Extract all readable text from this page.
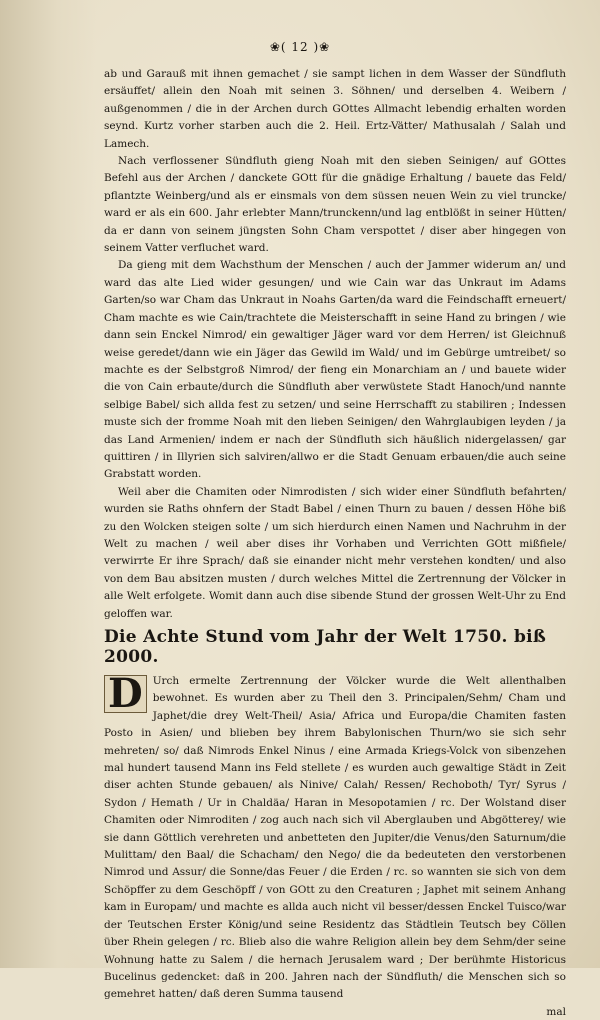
❀( 12 )❀

ab und Garauß mit ihnen gemachet / sie sampt lichen in dem Wasser der Sündfluth ersäuffet/ allein den Noah mit seinen 3. Söhnen/ und derselben 4. Weibern / außgenommen / die in der Archen durch GOttes Allmacht lebendig erhalten worden seynd. Kurtz vorher starben auch die 2. Heil. Ertz-Vätter/ Mathusalah / Salah und Lamech.

Nach verflossener Sündfluth gieng Noah mit den sieben Seinigen/ auf GOttes Befehl aus der Archen / danckete GOtt für die gnädige Erhaltung / bauete das Feld/ pflantzte Weinberg/und als er einsmals von dem süssen neuen Wein zu viel truncke/ ward er als ein 600. Jahr erlebter Mann/trunckenn/und lag entblößt in seiner Hütten/ da er dann von seinem jüngsten Sohn Cham verspottet / diser aber hingegen von seinem Vatter verfluchet ward.

Da gieng mit dem Wachsthum der Menschen / auch der Jammer widerum an/ und ward das alte Lied wider gesungen/ und wie Cain war das Unkraut im Adams Garten/so war Cham das Unkraut in Noahs Garten/da ward die Feindschafft erneuert/ Cham machte es wie Cain/trachtete die Meisterschafft in seine Hand zu bringen / wie dann sein Enckel Nimrod/ ein gewaltiger Jäger ward vor dem Herren/ ist Gleichnuß weise geredet/dann wie ein Jäger das Gewild im Wald/ und im Gebürge umtreibet/ so machte es der Selbstgroß Nimrod/ der fieng ein Monarchiam an / und bauete wider die von Cain erbaute/durch die Sündfluth aber verwüstete Stadt Hanoch/und nannte selbige Babel/ sich allda fest zu setzen/ und seine Herrschafft zu stabiliren ; Indessen muste sich der fromme Noah mit den lieben Seinigen/ den Wahrglaubigen leyden / ja das Land Armenien/ indem er nach der Sündfluth sich häußlich nidergelassen/ gar quittiren / in Illyrien sich salviren/allwo er die Stadt Genuam erbauen/die auch seine Grabstatt worden.

Weil aber die Chamiten oder Nimrodisten / sich wider einer Sündfluth befahrten/ wurden sie Raths ohnfern der Stadt Babel / einen Thurn zu bauen / dessen Höhe biß zu den Wolcken steigen solte / um sich hierdurch einen Namen und Nachruhm in der Welt zu machen / weil aber dises ihr Vorhaben und Verrichten GOtt mißfiele/ verwirrte Er ihre Sprach/ daß sie einander nicht mehr verstehen kondten/ und also von dem Bau absitzen musten / durch welches Mittel die Zertrennung der Völcker in alle Welt erfolgete. Womit dann auch dise sibende Stund der grossen Welt-Uhr zu End geloffen war.

Die Achte Stund vom Jahr der Welt 1750. biß 2000.
D Urch ermelte Zertrennung der Völcker wurde die Welt allenthalben bewohnet. Es wurden aber zu Theil den 3. Principalen/Sehm/ Cham und Japhet/die drey Welt-Theil/ Asia/ Africa und Europa/die Chamiten fasten Posto in Asien/ und blieben bey ihrem Babylonischen Thurn/wo sie sich sehr mehreten/ so/ daß Nimrods Enkel Ninus / eine Armada Kriegs-Volck von sibenzehen mal hundert tausend Mann ins Feld stellete / es wurden auch gewaltige Städt in Zeit diser achten Stunde gebauen/ als Ninive/ Calah/ Ressen/ Rechoboth/ Tyr/ Syrus / Sydon / Hemath / Ur in Chaldäa/ Haran in Mesopotamien / rc. Der Wolstand diser Chamiten oder Nimroditen / zog auch nach sich vil Aberglauben und Abgötterey/ wie sie dann Göttlich verehreten und anbetteten den Jupiter/die Venus/den Saturnum/die Mulittam/ den Baal/ die Schacham/ den Nego/ die da bedeuteten den verstorbenen Nimrod und Assur/ die Sonne/das Feuer / die Erden / rc. so wannten sie sich von dem Schöpffer zu dem Geschöpff / von GOtt zu den Creaturen ; Japhet mit seinem Anhang kam in Europam/ und machte es allda auch nicht vil besser/dessen Enckel Tuisco/war der Teutschen Erster König/und seine Residentz das Städtlein Teutsch bey Cöllen über Rhein gelegen / rc. Blieb also die wahre Religion allein bey dem Sehm/der seine Wohnung hatte zu Salem / die hernach Jerusalem ward ; Der berühmte Historicus Bucelinus gedencket: daß in 200. Jahren nach der Sündfluth/ die Menschen sich so gemehret hatten/ daß deren Summa tausend

mal
